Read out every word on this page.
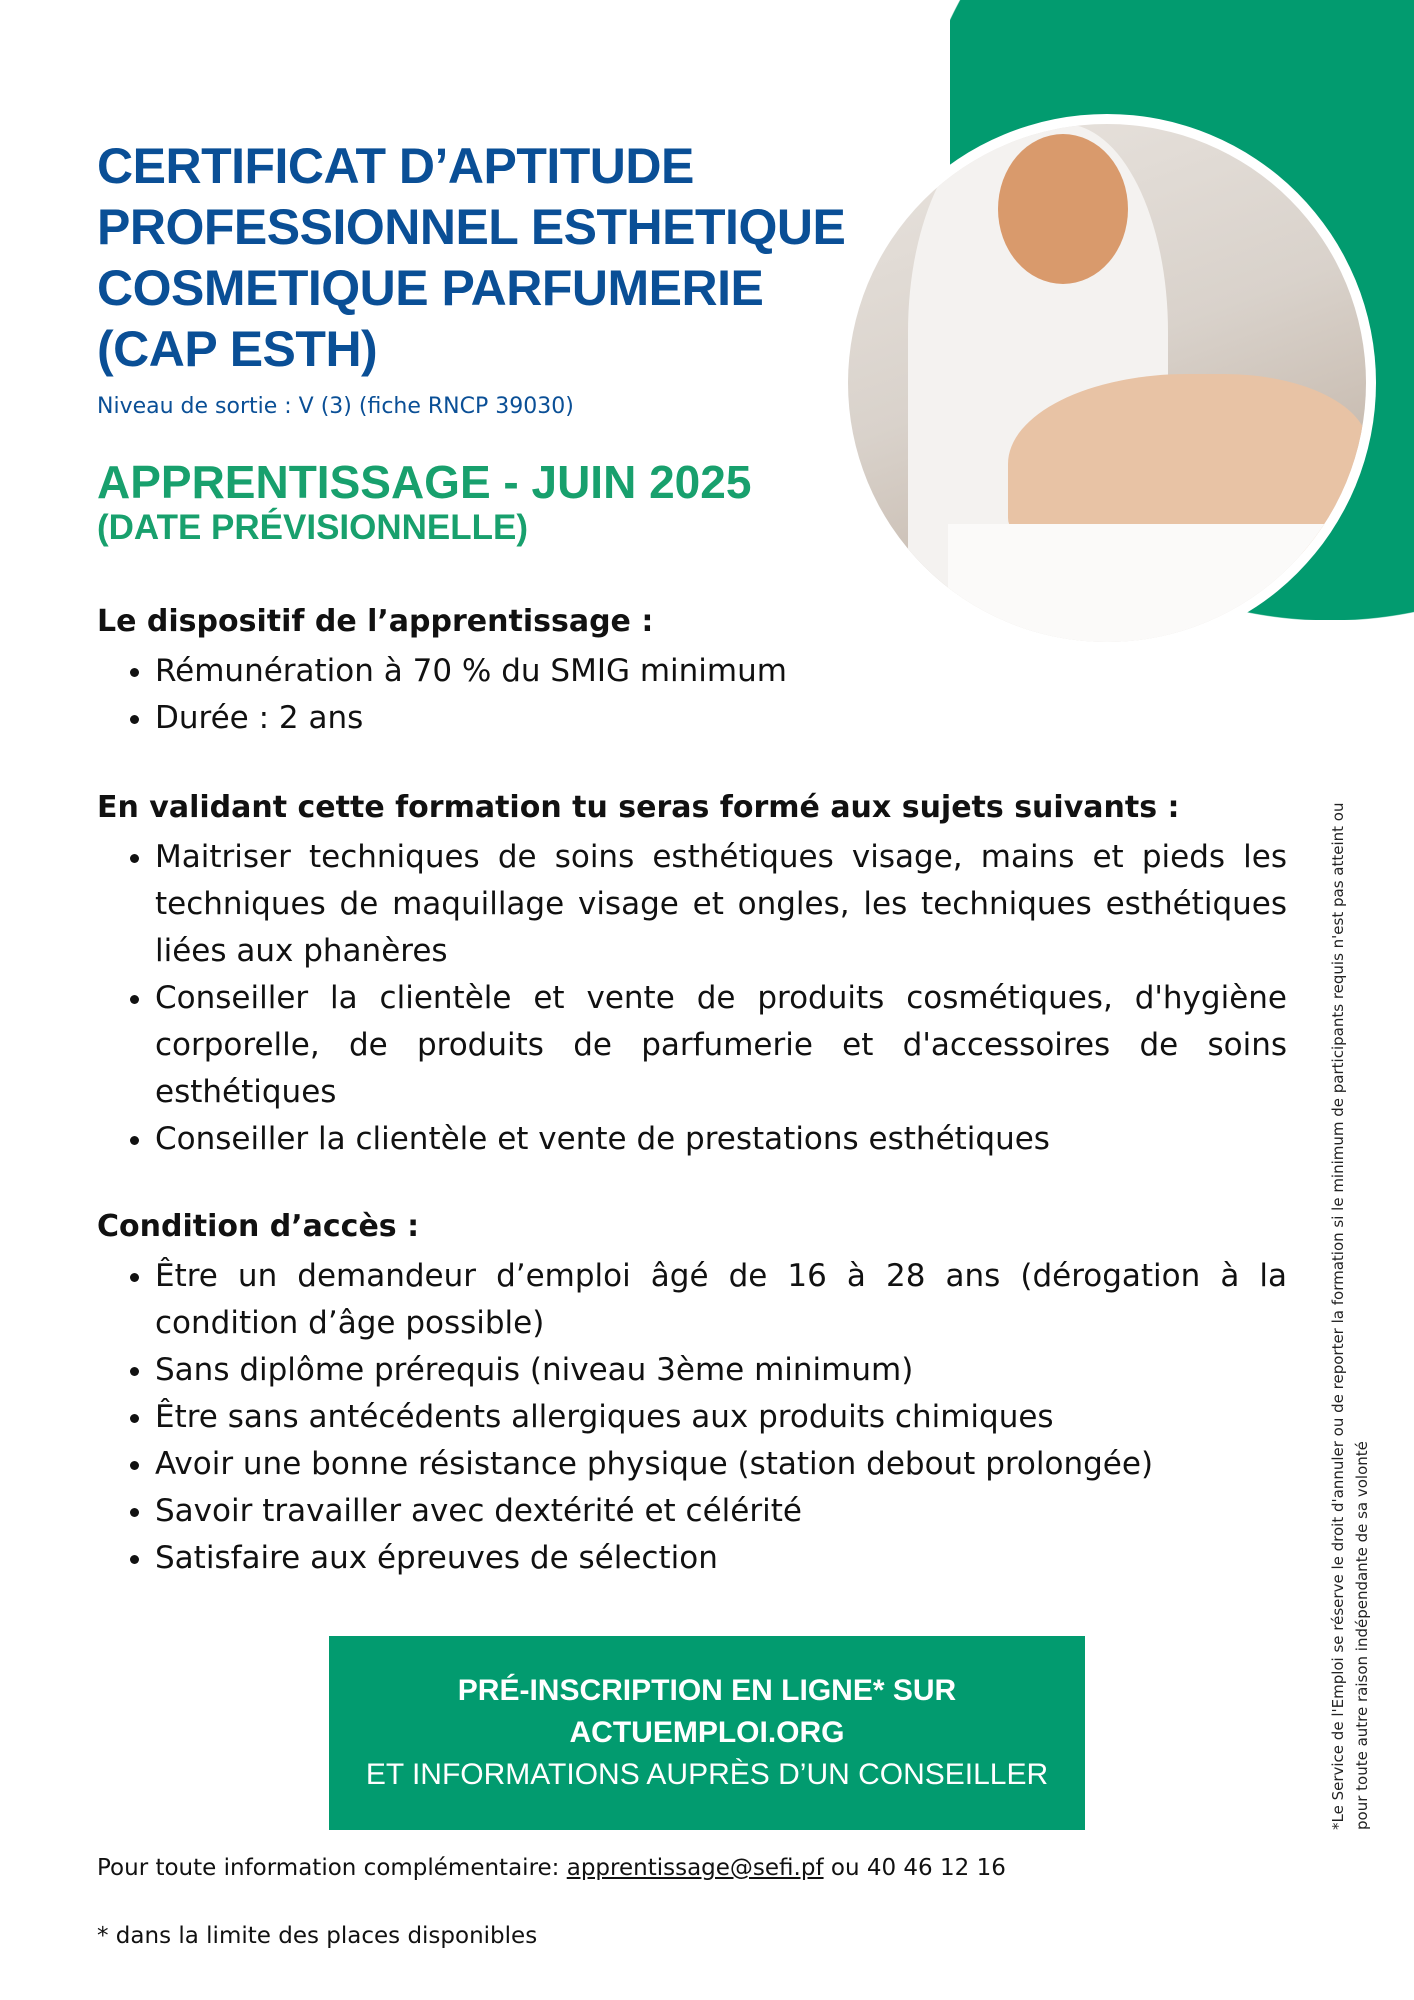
CERTIFICAT D’APTITUDE
PROFESSIONNEL ESTHETIQUE
COSMETIQUE PARFUMERIE
(CAP ESTH)
Niveau de sortie : V (3) (fiche RNCP 39030)
APPRENTISSAGE - JUIN 2025
(DATE PRÉVISIONNELLE)
Le dispositif de l’apprentissage :
• Rémunération à 70 % du SMIG minimum
• Durée : 2 ans
En validant cette formation tu seras formé aux sujets suivants :
• Maitriser techniques de soins esthétiques visage, mains et pieds les techniques de maquillage visage et ongles, les techniques esthétiques liées aux phanères
• Conseiller la clientèle et vente de produits cosmétiques, d'hygiène corporelle, de produits de parfumerie et d'accessoires de soins esthétiques
• Conseiller la clientèle et vente de prestations esthétiques
Condition d’accès :
• Être un demandeur d’emploi âgé de 16 à 28 ans (dérogation à la condition d’âge possible)
• Sans diplôme prérequis (niveau 3ème minimum)
• Être sans antécédents allergiques aux produits chimiques
• Avoir une bonne résistance physique (station debout prolongée)
• Savoir travailler avec dextérité et célérité
• Satisfaire aux épreuves de sélection
PRÉ-INSCRIPTION EN LIGNE* SUR
ACTUEMPLOI.ORG
ET INFORMATIONS AUPRÈS D’UN CONSEILLER
Pour toute information complémentaire: apprentissage@sefi.pf ou 40 46 12 16
* dans la limite des places disponibles
*Le Service de l'Emploi se réserve le droit d'annuler ou de reporter la formation si le minimum de participants requis n'est pas atteint ou pour toute autre raison indépendante de sa volonté
